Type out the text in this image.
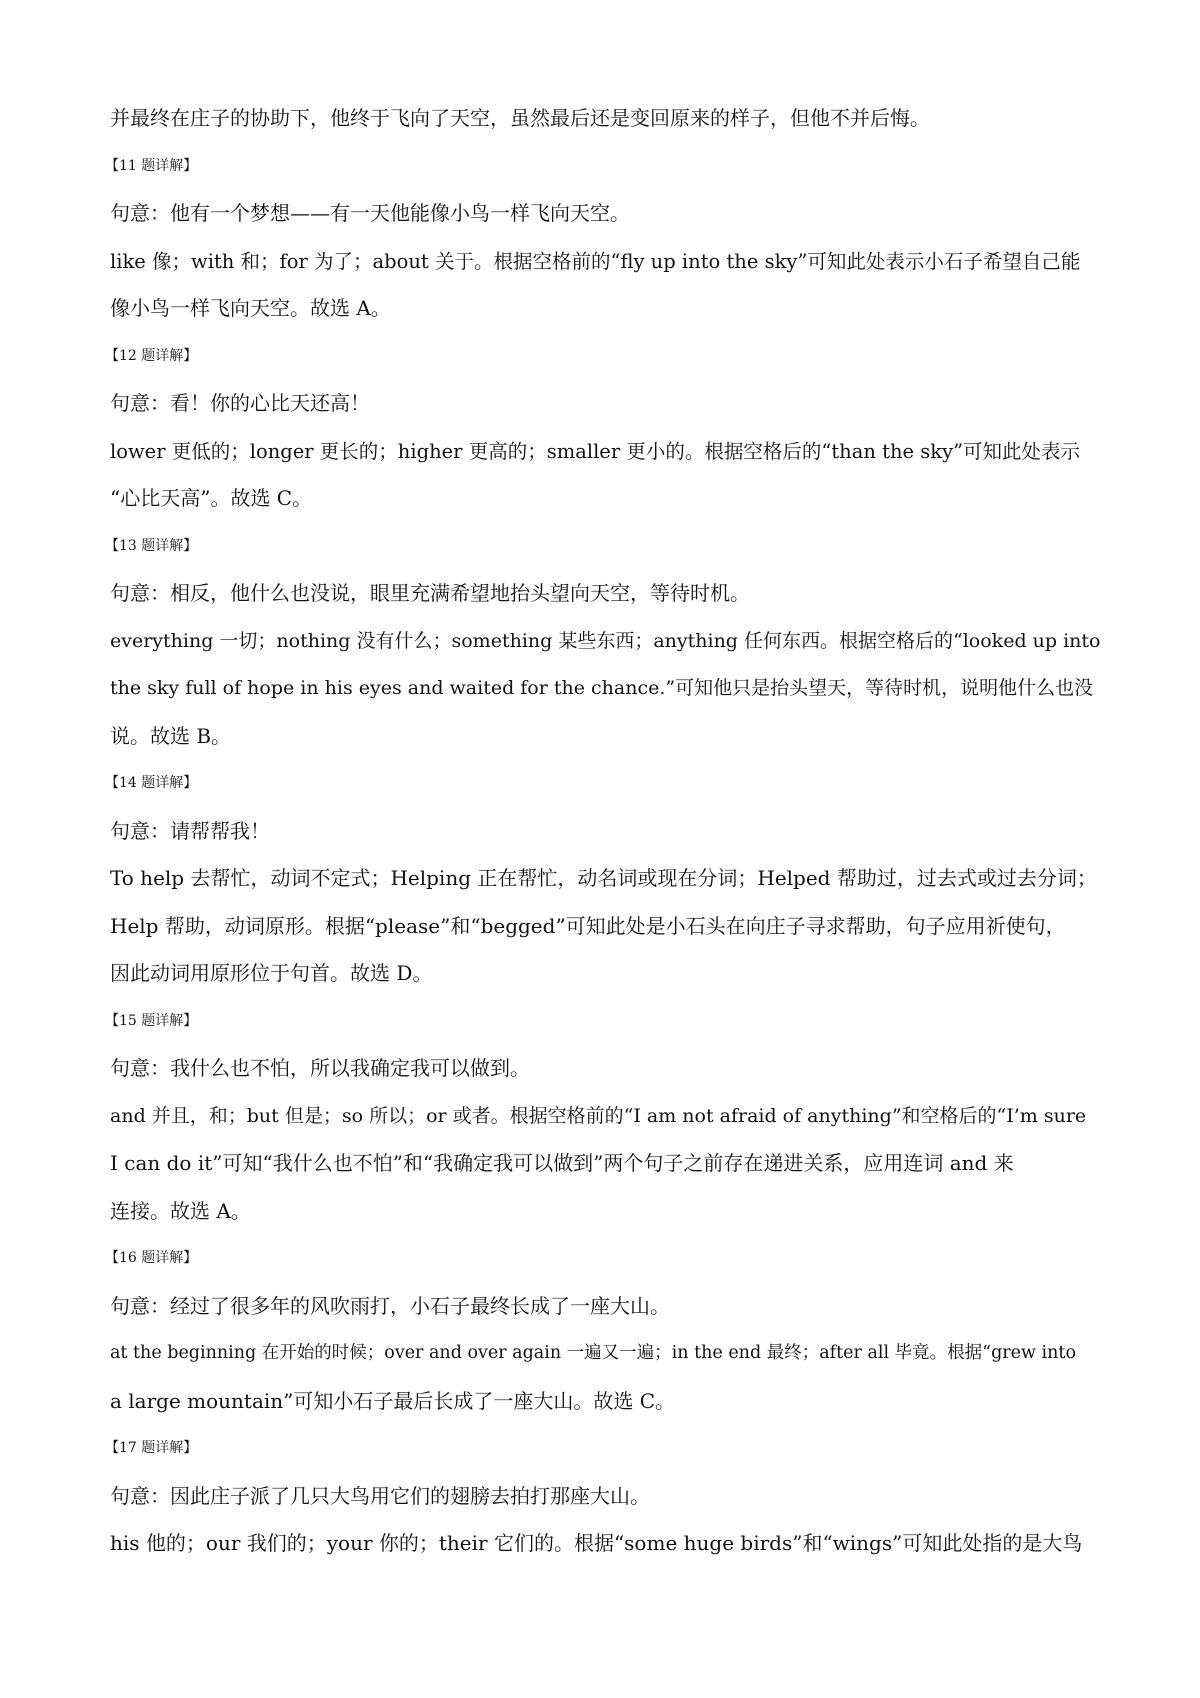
并最终在庄子的协助下，他终于飞向了天空，虽然最后还是变回原来的样子，但他不并后悔。
【11 题详解】
句意：他有一个梦想——有一天他能像小鸟一样飞向天空。
like 像；with 和；for 为了；about 关于。根据空格前的“fly up into the sky”可知此处表示小石子希望自己能
像小鸟一样飞向天空。故选 A。
【12 题详解】
句意：看！你的心比天还高！
lower 更低的；longer 更长的；higher 更高的；smaller 更小的。根据空格后的“than the sky”可知此处表示
“心比天高”。故选 C。
【13 题详解】
句意：相反，他什么也没说，眼里充满希望地抬头望向天空，等待时机。
everything 一切；nothing 没有什么；something 某些东西；anything 任何东西。根据空格后的“looked up into
the sky full of hope in his eyes and waited for the chance.”可知他只是抬头望天，等待时机，说明他什么也没
说。故选 B。
【14 题详解】
句意：请帮帮我！
To help 去帮忙，动词不定式；Helping 正在帮忙，动名词或现在分词；Helped 帮助过，过去式或过去分词；
Help 帮助，动词原形。根据“please”和“begged”可知此处是小石头在向庄子寻求帮助，句子应用祈使句，
因此动词用原形位于句首。故选 D。
【15 题详解】
句意：我什么也不怕，所以我确定我可以做到。
and 并且，和；but 但是；so 所以；or 或者。根据空格前的“I am not afraid of anything”和空格后的“I’m sure
I can do it”可知“我什么也不怕”和“我确定我可以做到”两个句子之前存在递进关系，应用连词 and 来
连接。故选 A。
【16 题详解】
句意：经过了很多年的风吹雨打，小石子最终长成了一座大山。
at the beginning 在开始的时候；over and over again 一遍又一遍；in the end 最终；after all 毕竟。根据“grew into
a large mountain”可知小石子最后长成了一座大山。故选 C。
【17 题详解】
句意：因此庄子派了几只大鸟用它们的翅膀去拍打那座大山。
his 他的；our 我们的；your 你的；their 它们的。根据“some huge birds”和“wings”可知此处指的是大鸟
